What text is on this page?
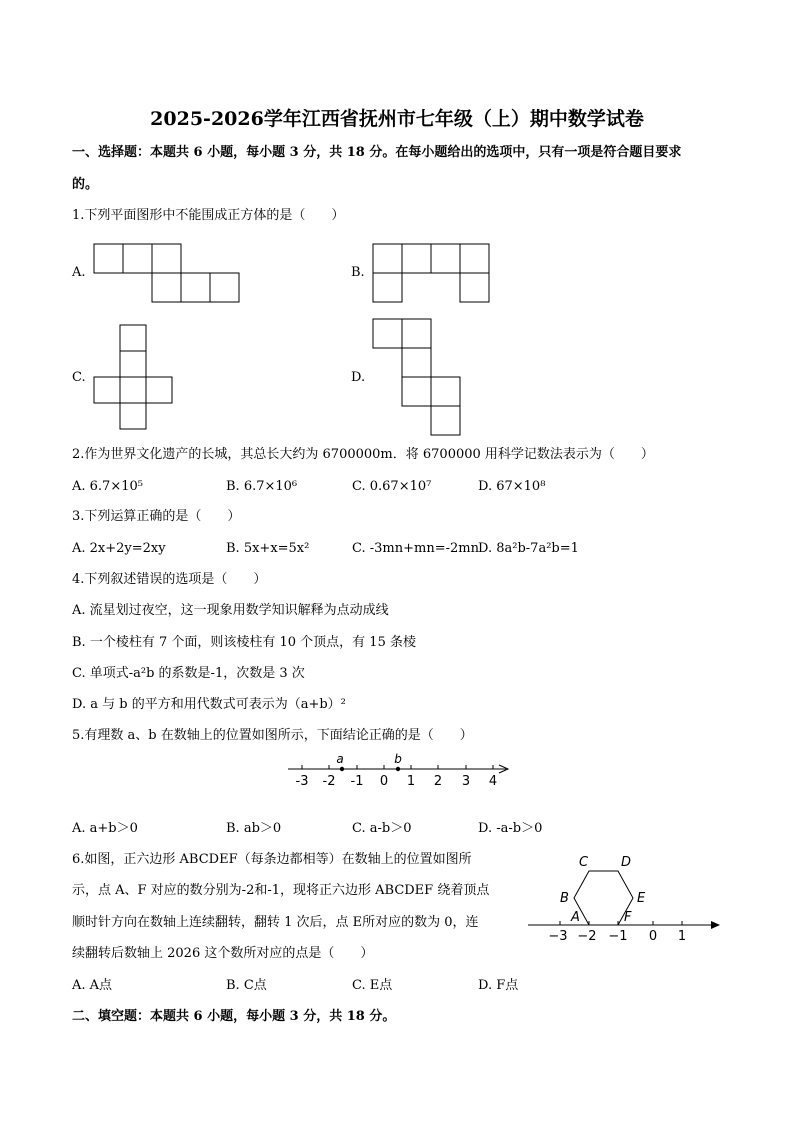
2025-2026学年江西省抚州市七年级（上）期中数学试卷
一、选择题：本题共 6 小题，每小题 3 分，共 18 分。在每小题给出的选项中，只有一项是符合题目要求
的。
1.下列平面图形中不能围成正方体的是（　　）
A.	B.
C.	D.
2.作为世界文化遗产的长城，其总长大约为 6700000m．将 6700000 用科学记数法表示为（　　）
A. 6.7×10⁵	B. 6.7×10⁶	C. 0.67×10⁷	D. 67×10⁸
3.下列运算正确的是（　　）
A. 2x+2y=2xy	B. 5x+x=5x²	C. -3mn+mn=-2mn D. 8a²b-7a²b=1
4.下列叙述错误的选项是（　　）
A. 流星划过夜空，这一现象用数学知识解释为点动成线
B. 一个棱柱有 7 个面，则该棱柱有 10 个顶点，有 15 条棱
C. 单项式-a²b 的系数是-1，次数是 3 次
D. a 与 b 的平方和用代数式可表示为（a+b）²
5.有理数 a、b 在数轴上的位置如图所示，下面结论正确的是（　　）
-3 -2 -1 0 1 2 3 4
a	b
A. a+b＞0	B. ab＞0	C. a-b＞0	D. -a-b＞0
6.如图，正六边形 ABCDEF（每条边都相等）在数轴上的位置如图所
示，点 A、F 对应的数分别为-2和-1，现将正六边形 ABCDEF 绕着顶点
顺时针方向在数轴上连续翻转，翻转 1 次后，点 E所对应的数为 0，连
续翻转后数轴上 2026 这个数所对应的点是（　　）
A
B
C	D
E
F
−3 −2 −1 0 1
A. A点	B. C点	C. E点	D. F点
二、填空题：本题共 6 小题，每小题 3 分，共 18 分。
